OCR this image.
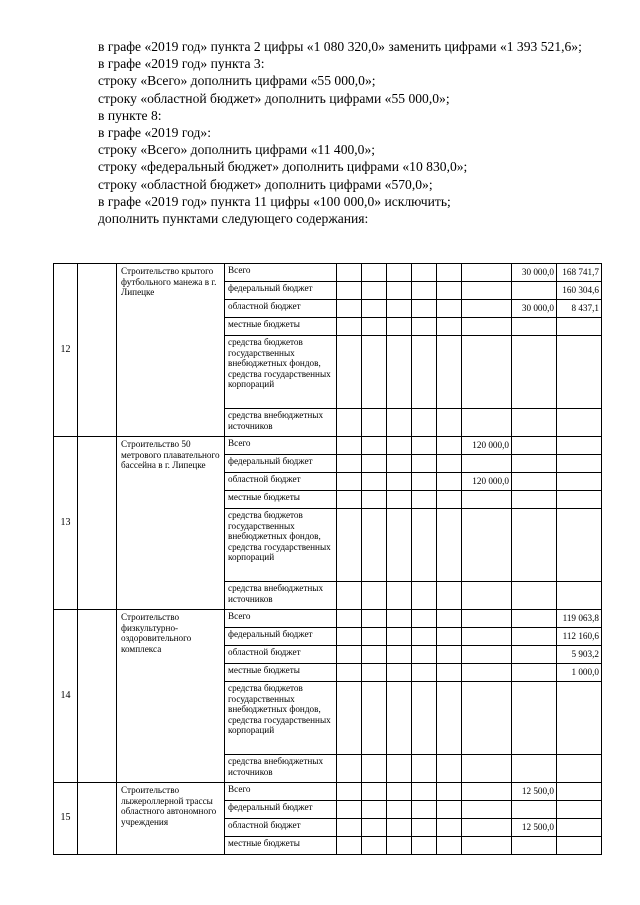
в графе «2019 год» пункта 2 цифры «1 080 320,0» заменить цифрами «1 393 521,6»;

в графе «2019 год» пункта 3:

строку «Всего» дополнить цифрами «55 000,0»;

строку «областной бюджет» дополнить цифрами «55 000,0»;

в пункте 8:

в графе «2019 год»:

строку «Всего» дополнить цифрами «11 400,0»;

строку «федеральный бюджет» дополнить цифрами «10 830,0»;

строку «областной бюджет» дополнить цифрами «570,0»;

в графе «2019 год» пункта 11 цифры «100 000,0» исключить;

дополнить пунктами следующего содержания:

12		Строительство крытого футбольного манежа в г. Липецке	Всего							30 000,0	168 741,7
			федеральный бюджет								160 304,6
			областной бюджет							30 000,0	8 437,1
			местные бюджеты								
			средства бюджетов государственных внебюджетных фондов, средства государственных корпораций								
			средства внебюджетных источников								
13		Строительство 50 метрового плавательного бассейна в г. Липецке	Всего						120 000,0		
			федеральный бюджет								
			областной бюджет						120 000,0		
			местные бюджеты								
			средства бюджетов государственных внебюджетных фондов, средства государственных корпораций								
			средства внебюджетных источников								
14		Строительство физкультурно-оздоровительного комплекса	Всего								119 063,8
			федеральный бюджет								112 160,6
			областной бюджет								5 903,2
			местные бюджеты								1 000,0
			средства бюджетов государственных внебюджетных фондов, средства государственных корпораций								
			средства внебюджетных источников								
15		Строительство лыжероллерной трассы областного автономного учреждения	Всего							12 500,0	
			федеральный бюджет								
			областной бюджет							12 500,0	
			местные бюджеты								
